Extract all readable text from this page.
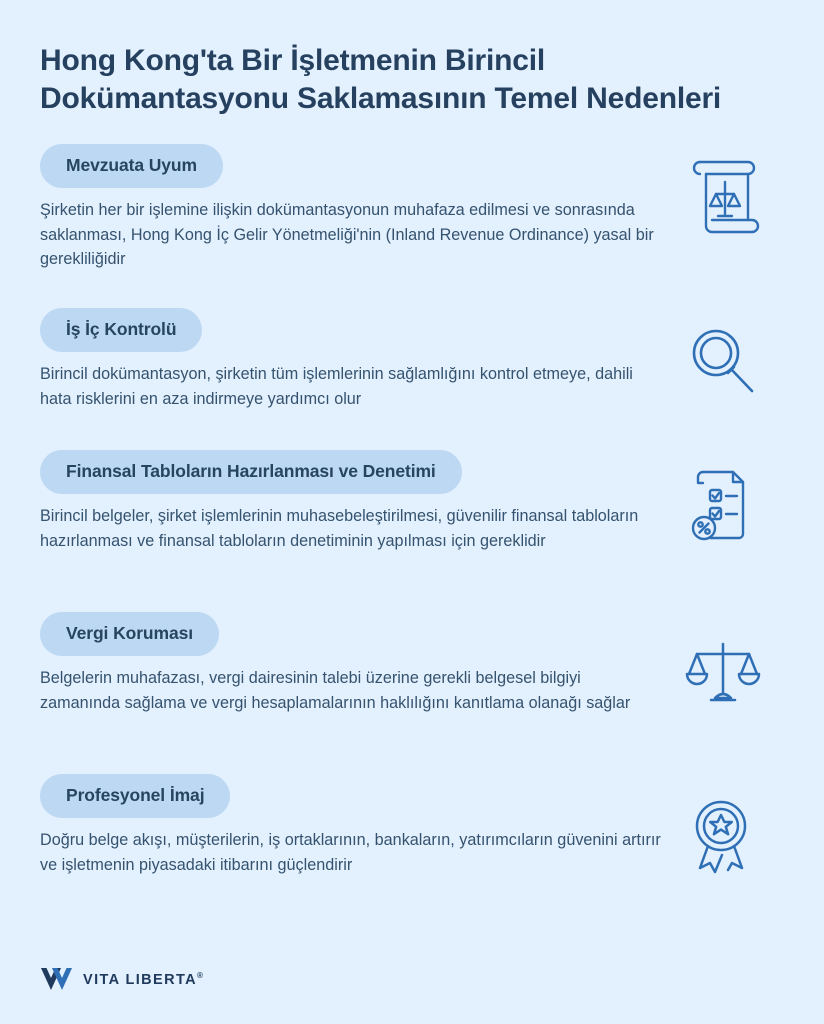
Hong Kong'ta Bir İşletmenin Birincil Dokümantasyonu Saklamasının Temel Nedenleri
Mevzuata Uyum
Şirketin her bir işlemine ilişkin dokümantasyonun muhafaza edilmesi ve sonrasında saklanması, Hong Kong İç Gelir Yönetmeliği'nin (Inland Revenue Ordinance) yasal bir gerekliliğidir
İş İç Kontrolü
Birincil dokümantasyon, şirketin tüm işlemlerinin sağlamlığını kontrol etmeye, dahili hata risklerini en aza indirmeye yardımcı olur
Finansal Tabloların Hazırlanması ve Denetimi
Birincil belgeler, şirket işlemlerinin muhasebeleştirilmesi, güvenilir finansal tabloların hazırlanması ve finansal tabloların denetiminin yapılması için gereklidir
Vergi Koruması
Belgelerin muhafazası, vergi dairesinin talebi üzerine gerekli belgesel bilgiyi zamanında sağlama ve vergi hesaplamalarının haklılığını kanıtlama olanağı sağlar
Profesyonel İmaj
Doğru belge akışı, müşterilerin, iş ortaklarının, bankaların, yatırımcıların güvenini artırır ve işletmenin piyasadaki itibarını güçlendirir
VITA LIBERTA®
